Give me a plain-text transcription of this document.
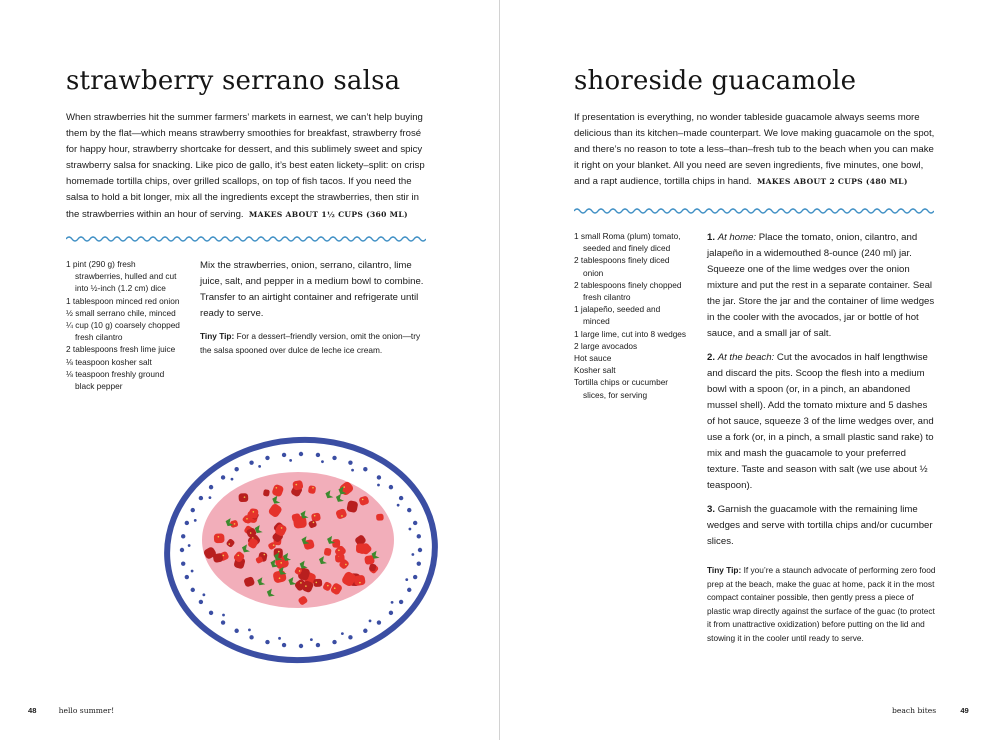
strawberry serrano salsa

When strawberries hit the summer farmers’ markets in earnest, we can’t help buying them by the flat—which means strawberry smoothies for breakfast, strawberry frosé for happy hour, strawberry shortcake for dessert, and this sublimely sweet and spicy strawberry salsa for snacking. Like pico de gallo, it’s best eaten lickety–split: on crisp homemade tortilla chips, over grilled scallops, on top of fish tacos. If you need the salsa to hold a bit longer, mix all the ingredients except the strawberries, then stir in the strawberries within an hour of serving. MAKES ABOUT 1½ CUPS (360 ML)

1 pint (290 g) fresh strawberries, hulled and cut into ½-inch (1.2 cm) dice
1 tablespoon minced red onion
½ small serrano chile, minced
¼ cup (10 g) coarsely chopped fresh cilantro
2 tablespoons fresh lime juice
⅛ teaspoon kosher salt
⅛ teaspoon freshly ground black pepper

Mix the strawberries, onion, serrano, cilantro, lime juice, salt, and pepper in a medium bowl to combine. Transfer to an airtight container and refrigerate until ready to serve.

Tiny Tip: For a dessert–friendly version, omit the onion—try the salsa spooned over dulce de leche ice cream.

48	hello summer!
shoreside guacamole

If presentation is everything, no wonder tableside guacamole always seems more delicious than its kitchen–made counterpart. We love making guacamole on the spot, and there’s no reason to tote a less–than–fresh tub to the beach when you can make it right on your blanket. All you need are seven ingredients, five minutes, one bowl, and a rapt audience, tortilla chips in hand. MAKES ABOUT 2 CUPS (480 ML)

1 small Roma (plum) tomato, seeded and finely diced
2 tablespoons finely diced onion
2 tablespoons finely chopped fresh cilantro
1 jalapeño, seeded and minced
1 large lime, cut into 8 wedges
2 large avocados
Hot sauce
Kosher salt
Tortilla chips or cucumber slices, for serving

1. At home: Place the tomato, onion, cilantro, and jalapeño in a widemouthed 8-ounce (240 ml) jar. Squeeze one of the lime wedges over the onion mixture and put the rest in a separate container. Seal the jar. Store the jar and the container of lime wedges in the cooler with the avocados, jar or bottle of hot sauce, and a small jar of salt.

2. At the beach: Cut the avocados in half lengthwise and discard the pits. Scoop the flesh into a medium bowl with a spoon (or, in a pinch, an abandoned mussel shell). Add the tomato mixture and 5 dashes of hot sauce, squeeze 3 of the lime wedges over, and use a fork (or, in a pinch, a small plastic sand rake) to mix and mash the guacamole to your preferred texture. Taste and season with salt (we use about ½ teaspoon).

3. Garnish the guacamole with the remaining lime wedges and serve with tortilla chips and/or cucumber slices.

Tiny Tip: If you’re a staunch advocate of performing zero food prep at the beach, make the guac at home, pack it in the most compact container possible, then gently press a piece of plastic wrap directly against the surface of the guac (to protect it from unattractive oxidization) before putting on the lid and stowing it in the cooler until ready to serve.

beach bites	49
